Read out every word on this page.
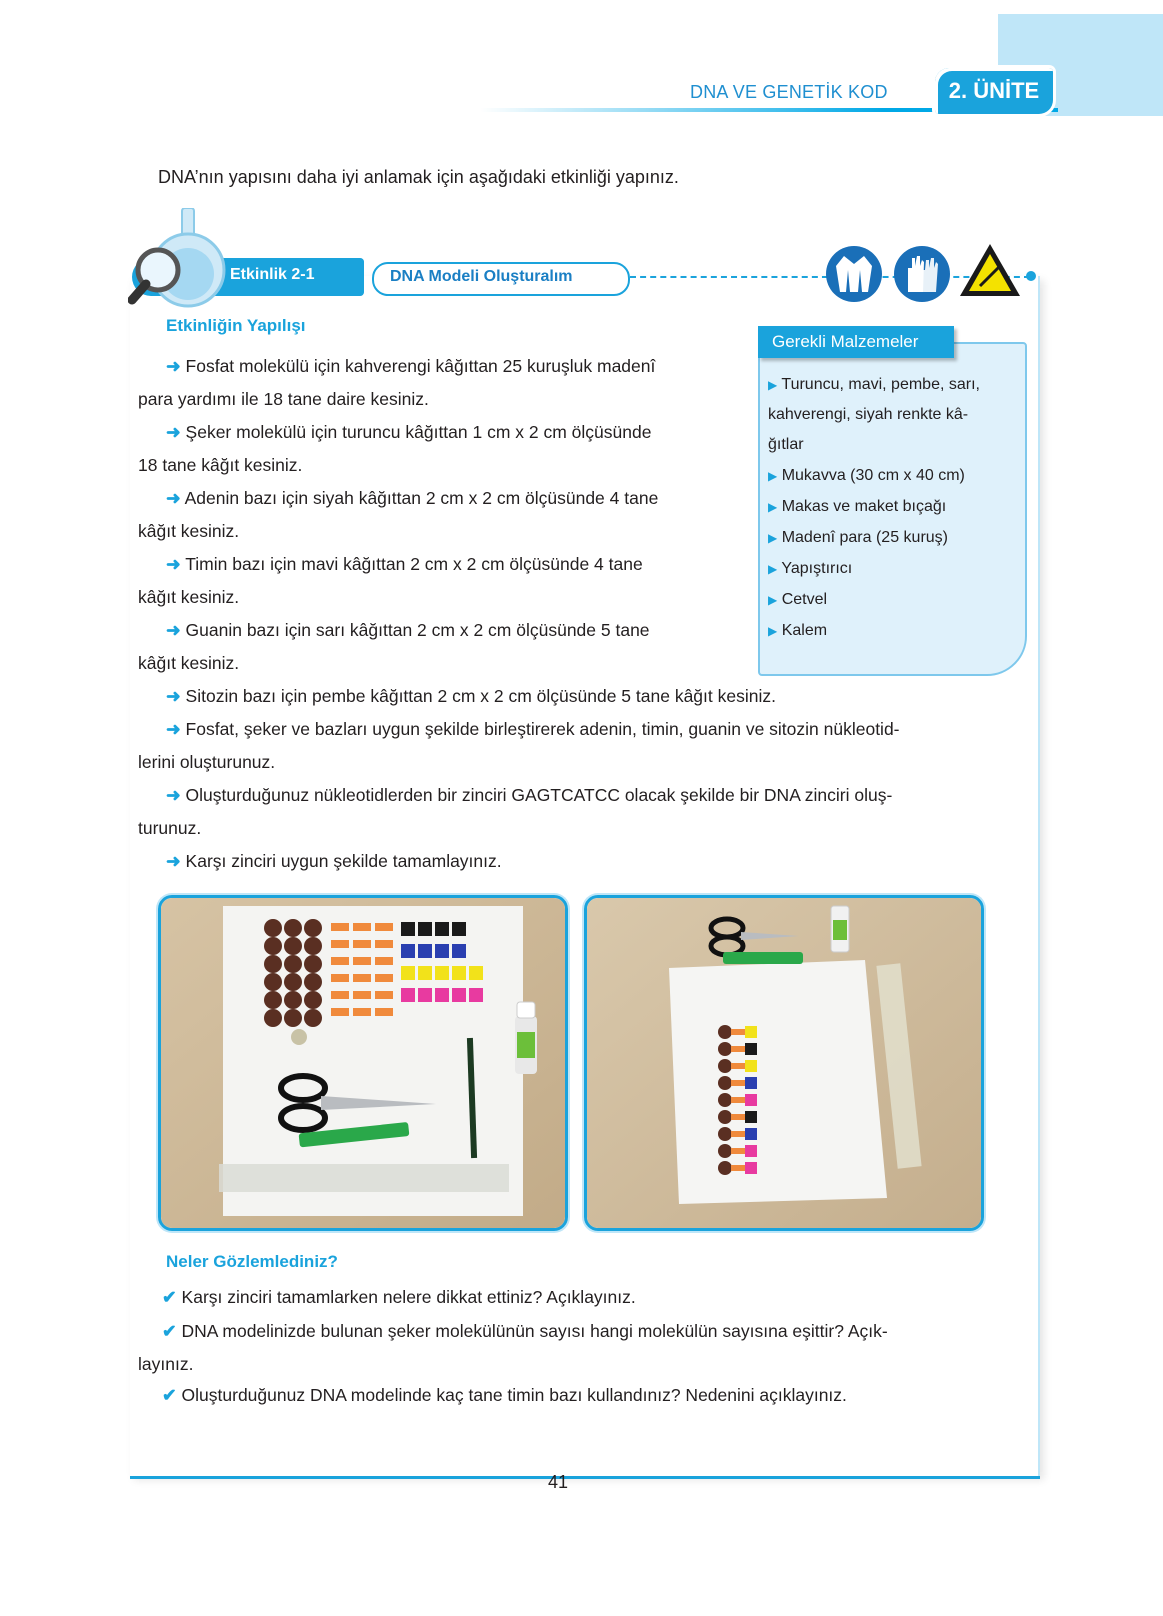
DNA VE GENETİK KOD	2. ÜNİTE
DNA’nın yapısını daha iyi anlamak için aşağıdaki etkinliği yapınız.
Etkinlik 2-1	DNA Modeli Oluşturalım
Etkinliğin Yapılışı
➜ Fosfat molekülü için kahverengi kâğıttan 25 kuruşluk madenî
para yardımı ile 18 tane daire kesiniz.
➜ Şeker molekülü için turuncu kâğıttan 1 cm x 2 cm ölçüsünde
18 tane kâğıt kesiniz.
➜ Adenin bazı için siyah kâğıttan 2 cm x 2 cm ölçüsünde 4 tane
kâğıt kesiniz.
➜ Timin bazı için mavi kâğıttan 2 cm x 2 cm ölçüsünde 4 tane
kâğıt kesiniz.
➜ Guanin bazı için sarı kâğıttan 2 cm x 2 cm ölçüsünde 5 tane
kâğıt kesiniz.
➜ Sitozin bazı için pembe kâğıttan 2 cm x 2 cm ölçüsünde 5 tane kâğıt kesiniz.
➜ Fosfat, şeker ve bazları uygun şekilde birleştirerek adenin, timin, guanin ve sitozin nükleotid-
lerini oluşturunuz.
➜ Oluşturduğunuz nükleotidlerden bir zinciri GAGTCATCC olacak şekilde bir DNA zinciri oluş-
turunuz.
➜ Karşı zinciri uygun şekilde tamamlayınız.
Gerekli Malzemeler
▶ Turuncu, mavi, pembe, sarı,
kahverengi, siyah renkte kâ-
ğıtlar
▶ Mukavva (30 cm x 40 cm)
▶ Makas ve maket bıçağı
▶ Madenî para (25 kuruş)
▶ Yapıştırıcı
▶ Cetvel
▶ Kalem
Neler Gözlemlediniz?
✔ Karşı zinciri tamamlarken nelere dikkat ettiniz? Açıklayınız.
✔ DNA modelinizde bulunan şeker molekülünün sayısı hangi molekülün sayısına eşittir? Açık-
layınız.
✔ Oluşturduğunuz DNA modelinde kaç tane timin bazı kullandınız? Nedenini açıklayınız.
41
